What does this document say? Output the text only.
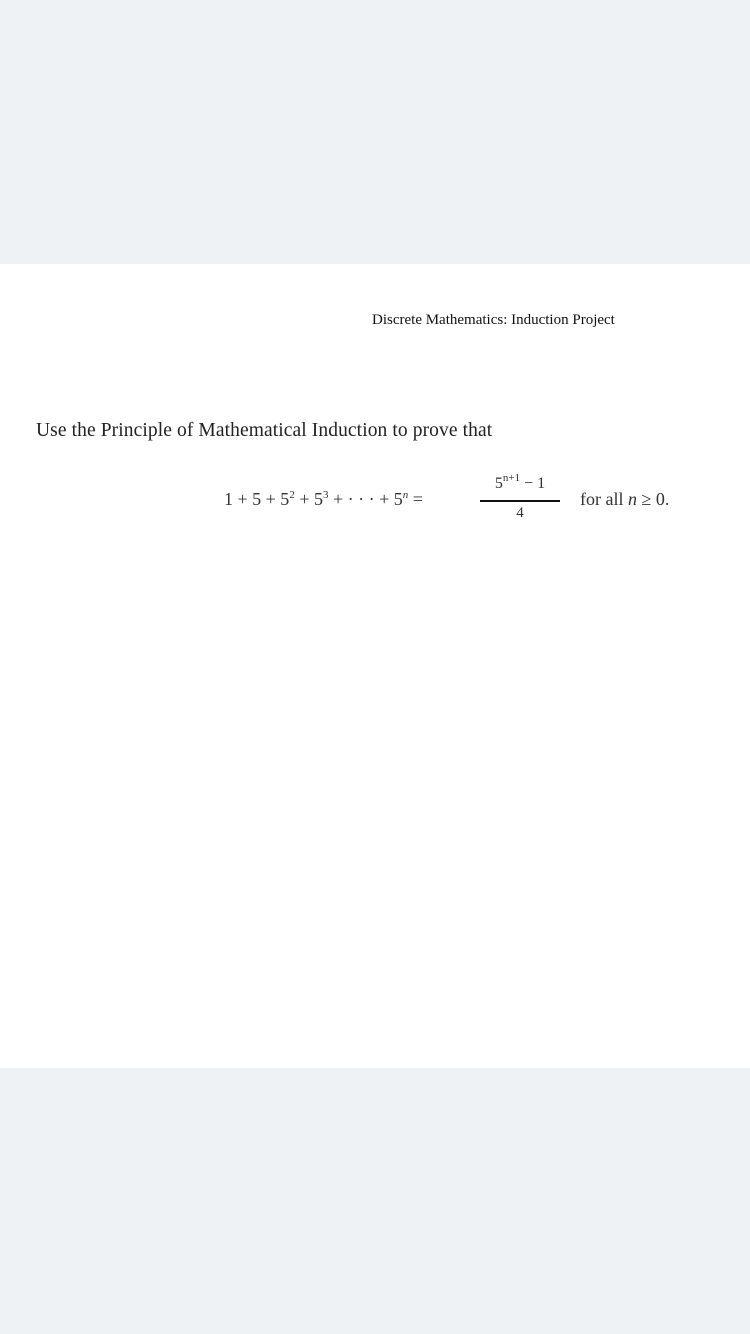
Discrete Mathematics: Induction Project
Use the Principle of Mathematical Induction to prove that
$1 + 5 + 5^2 + 5^3$ + · · · + $5^n$ =
$5^{n+1} - 1$
4
for all n ≥ 0.
